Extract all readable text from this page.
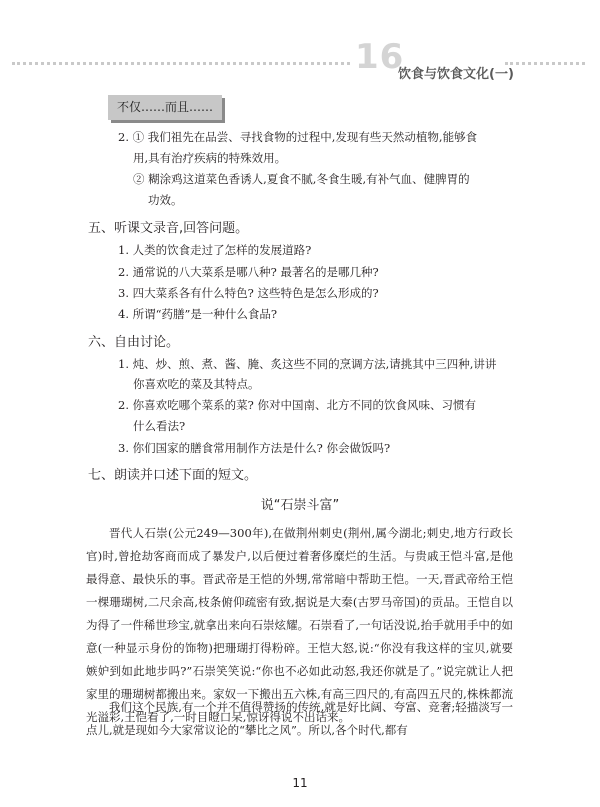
16
饮食与饮食文化(一)
不仅……而且……
2. ① 我们祖先在品尝、寻找食物的过程中,发现有些天然动植物,能够食
用,具有治疗疾病的特殊效用。
② 糊涂鸡这道菜色香诱人,夏食不腻,冬食生暖,有补气血、健脾胃的
功效。
五、听课文录音,回答问题。
1. 人类的饮食走过了怎样的发展道路?
2. 通常说的八大菜系是哪八种? 最著名的是哪几种?
3. 四大菜系各有什么特色? 这些特色是怎么形成的?
4. 所谓“药膳”是一种什么食品?
六、自由讨论。
1. 炖、炒、煎、煮、酱、腌、炙这些不同的烹调方法,请挑其中三四种,讲讲
你喜欢吃的菜及其特点。
2. 你喜欢吃哪个菜系的菜? 你对中国南、北方不同的饮食风味、习惯有
什么看法?
3. 你们国家的膳食常用制作方法是什么? 你会做饭吗?
七、朗读并口述下面的短文。
说“石崇斗富”
晋代人石崇(公元249—300年),在做荆州刺史(荆州,属今湖北;刺史,地方行政长官)时,曾抢劫客商而成了暴发户,以后便过着奢侈糜烂的生活。与贵戚王恺斗富,是他最得意、最快乐的事。晋武帝是王恺的外甥,常常暗中帮助王恺。一天,晋武帝给王恺一棵珊瑚树,二尺余高,枝条俯仰疏密有致,据说是大秦(古罗马帝国)的贡品。王恺自以为得了一件稀世珍宝,就拿出来向石崇炫耀。石崇看了,一句话没说,抬手就用手中的如意(一种显示身份的饰物)把珊瑚打得粉碎。王恺大怒,说:“你没有我这样的宝贝,就要嫉妒到如此地步吗?”石崇笑笑说:“你也不必如此动怒,我还你就是了。”说完就让人把家里的珊瑚树都搬出来。家奴一下搬出五六株,有高三四尺的,有高四五尺的,株株都流光溢彩,王恺看了,一时目瞪口呆,惊讶得说不出话来。
我们这个民族,有一个并不值得赞扬的传统,就是好比阔、夸富、竞奢;轻描淡写一点儿,就是现如今大家常议论的“攀比之风”。所以,各个时代,都有
11
